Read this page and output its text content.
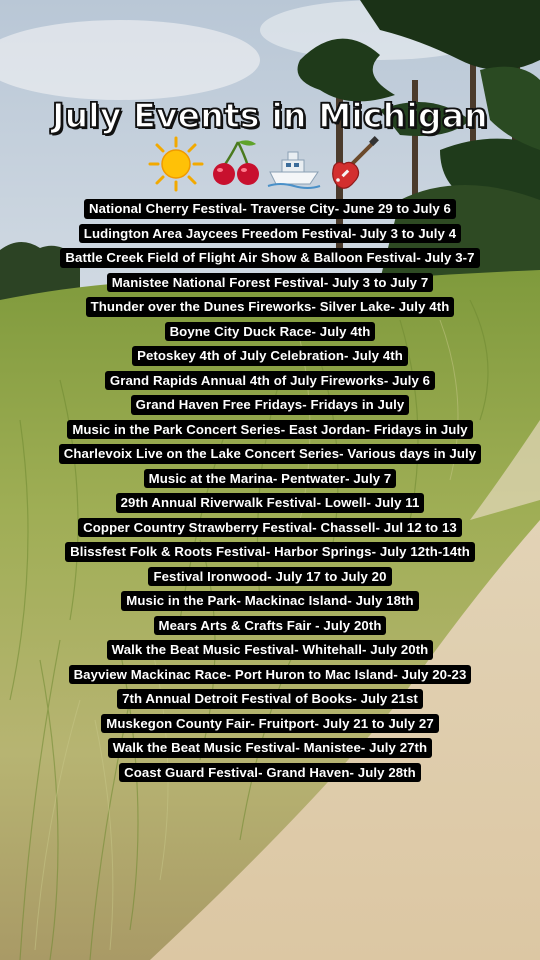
July Events in Michigan
National Cherry Festival- Traverse City- June 29 to July 6
Ludington Area Jaycees Freedom Festival- July 3 to July 4
Battle Creek Field of Flight Air Show & Balloon Festival- July 3-7
Manistee National Forest Festival- July 3 to July 7
Thunder over the Dunes Fireworks- Silver Lake- July 4th
Boyne City Duck Race- July 4th
Petoskey 4th of July Celebration- July 4th
Grand Rapids Annual 4th of July Fireworks- July 6
Grand Haven Free Fridays- Fridays in July
Music in the Park Concert Series- East Jordan- Fridays in July
Charlevoix Live on the Lake Concert Series- Various days in July
Music at the Marina- Pentwater- July 7
29th Annual Riverwalk Festival- Lowell- July 11
Copper Country Strawberry Festival- Chassell- Jul 12 to 13
Blissfest Folk & Roots Festival- Harbor Springs- July 12th-14th
Festival Ironwood- July 17 to July 20
Music in the Park- Mackinac Island- July 18th
Mears Arts & Crafts Fair - July 20th
Walk the Beat Music Festival- Whitehall- July 20th
Bayview Mackinac Race- Port Huron to Mac Island- July 20-23
7th Annual Detroit Festival of Books- July 21st
Muskegon County Fair- Fruitport- July 21 to July 27
Walk the Beat Music Festival- Manistee- July 27th
Coast Guard Festival- Grand Haven- July 28th
